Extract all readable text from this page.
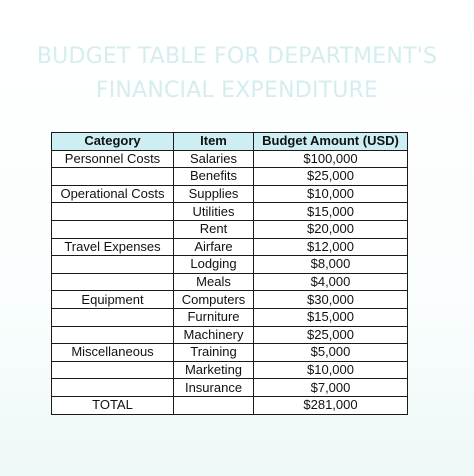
BUDGET TABLE FOR DEPARTMENT'S
FINANCIAL EXPENDITURE
Category	Item	Budget Amount (USD)
Personnel Costs	Salaries	$100,000
	Benefits	$25,000
Operational Costs	Supplies	$10,000
	Utilities	$15,000
	Rent	$20,000
Travel Expenses	Airfare	$12,000
	Lodging	$8,000
	Meals	$4,000
Equipment	Computers	$30,000
	Furniture	$15,000
	Machinery	$25,000
Miscellaneous	Training	$5,000
	Marketing	$10,000
	Insurance	$7,000
TOTAL		$281,000
